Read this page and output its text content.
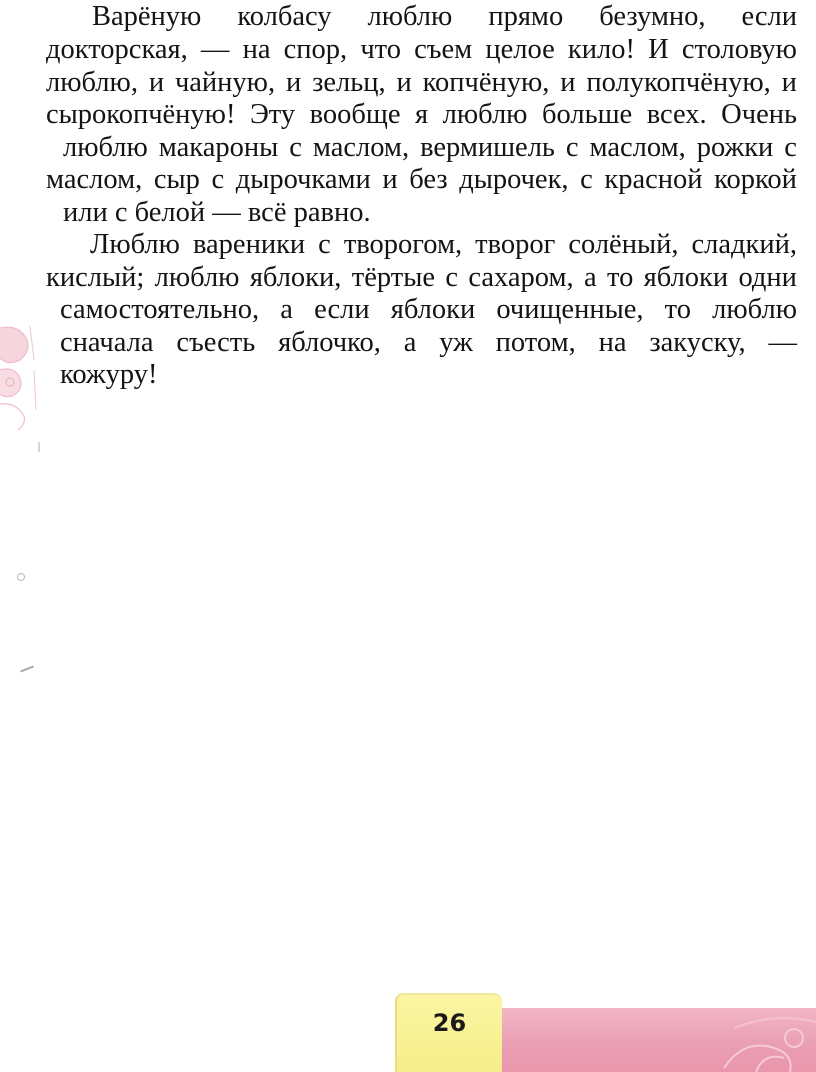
Варёную колбасу люблю прямо безумно, если

докторская, — на спор, что съем целое кило! И столовую

люблю, и чайную, и зельц, и копчёную, и полукопчёную, и

сырокопчёную! Эту вообще я люблю больше всех. Очень

люблю макароны с маслом, вермишель с маслом, рожки с

маслом, сыр с дырочками и без дырочек, с красной коркой

или с белой — всё равно.

Люблю вареники с творогом, творог солёный, сладкий,

кислый; люблю яблоки, тёртые с сахаром, а то яблоки одни

самостоятельно, а если яблоки очищенные, то люблю

сначала съесть яблочко, а уж потом, на закуску, —

кожуру!

26
